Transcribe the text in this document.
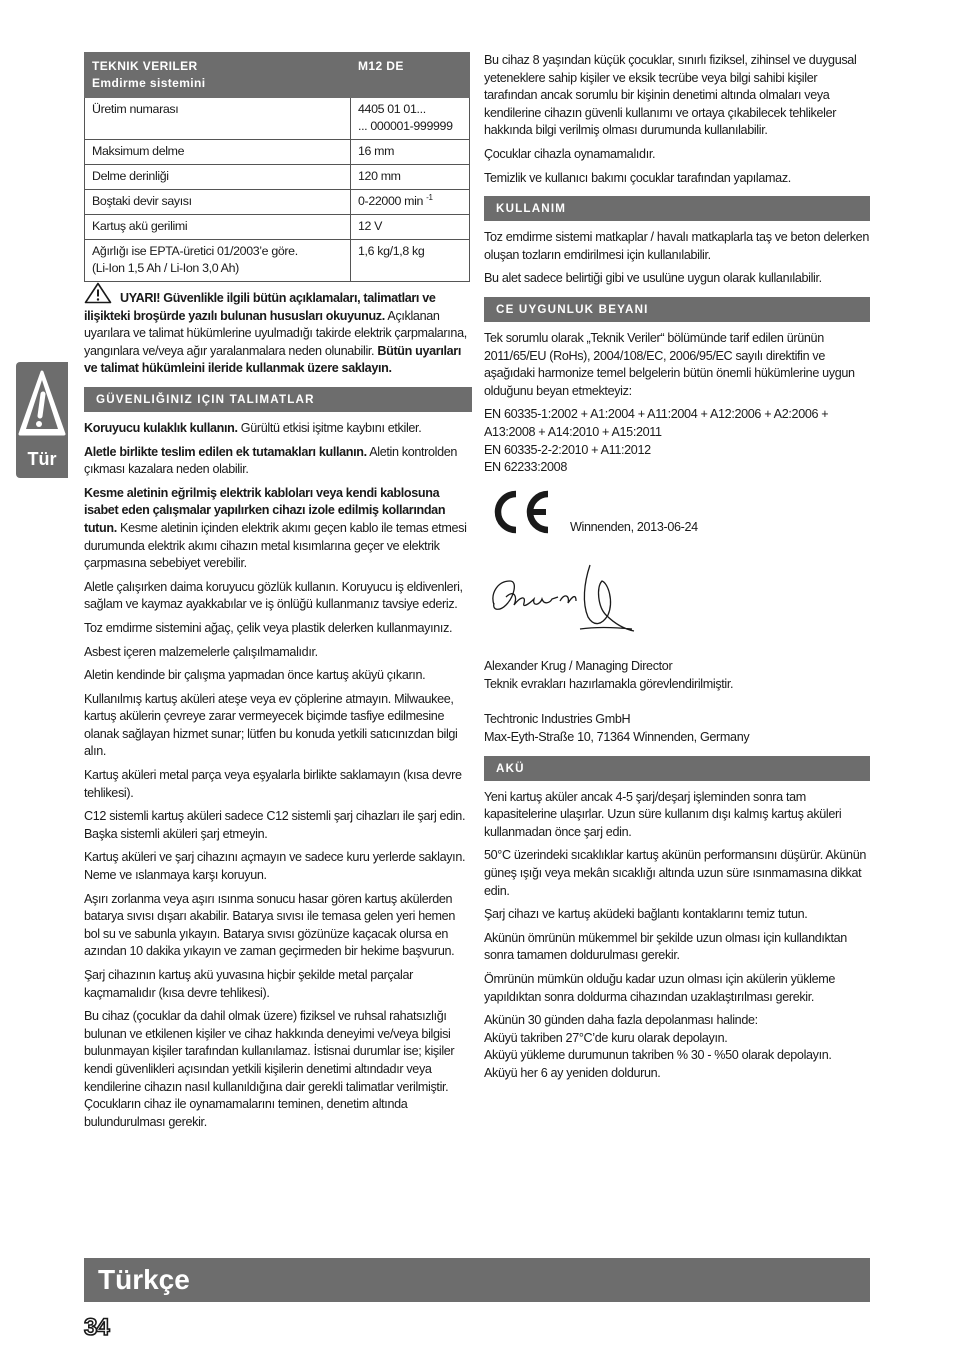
Tür
TEKNIK VERILER
Emdirme sistemini	M12 DE
Üretim numarası	4405 01 01...
... 000001-999999
Maksimum delme	16 mm
Delme derinliği	120 mm
Boştaki devir sayısı	0-22000 min $^{-1}$
Kartuş akü gerilimi	12 V
Ağırlığı ise EPTA-üretici 01/2003’e göre.
(Li-Ion 1,5 Ah / Li-Ion 3,0 Ah)	1,6 kg/1,8 kg

UYARI! Güvenlikle ilgili bütün açıklamaları, talimatları ve ilişikteki broşürde yazılı bulunan hususları okuyunuz. Açıklanan uyarılara ve talimat hükümlerine uyulmadığı takirde elektrik çarpmalarına, yangınlara ve/veya ağır yaralanmalara neden olunabilir. Bütün uyarıları ve talimat hükümleini ileride kullanmak üzere saklayın.

GÜVENLIĞINIZ IÇIN TALIMATLAR

Koruyucu kulaklık kullanın. Gürültü etkisi işitme kaybını etkiler.

Aletle birlikte teslim edilen ek tutamakları kullanın. Aletin kontrolden çıkması kazalara neden olabilir.

Kesme aletinin eğrilmiş elektrik kabloları veya kendi kablosuna isabet eden çalışmalar yapılırken cihazı izole edilmiş kollarından tutun. Kesme aletinin içinden elektrik akımı geçen kablo ile temas etmesi durumunda elektrik akımı cihazın metal kısımlarına geçer ve elektrik çarpmasına sebebiyet verebilir.

Aletle çalışırken daima koruyucu gözlük kullanın. Koruyucu iş eldivenleri, sağlam ve kaymaz ayakkabılar ve iş önlüğü kullanmanız tavsiye ederiz.

Toz emdirme sistemini ağaç, çelik veya plastik delerken kullanmayınız.

Asbest içeren malzemelerle çalışılmamalıdır.

Aletin kendinde bir çalışma yapmadan önce kartuş aküyü çıkarın.

Kullanılmış kartuş aküleri ateşe veya ev çöplerine atmayın. Milwaukee, kartuş akülerin çevreye zarar vermeyecek biçimde tasfiye edilmesine olanak sağlayan hizmet sunar; lütfen bu konuda yetkili satıcınızdan bilgi alın.

Kartuş aküleri metal parça veya eşyalarla birlikte saklamayın (kısa devre tehlikesi).

C12 sistemli kartuş aküleri sadece C12 sistemli şarj cihazları ile şarj edin. Başka sistemli aküleri şarj etmeyin.

Kartuş aküleri ve şarj cihazını açmayın ve sadece kuru yerlerde saklayın. Neme ve ıslanmaya karşı koruyun.

Aşırı zorlanma veya aşırı ısınma sonucu hasar gören kartuş akülerden batarya sıvısı dışarı akabilir. Batarya sıvısı ile temasa gelen yeri hemen bol su ve sabunla yıkayın. Batarya sıvısı gözünüze kaçacak olursa en azından 10 dakika yıkayın ve zaman geçirmeden bir hekime başvurun.

Şarj cihazının kartuş akü yuvasına hiçbir şekilde metal parçalar kaçmamalıdır (kısa devre tehlikesi).

Bu cihaz (çocuklar da dahil olmak üzere) fiziksel ve ruhsal rahatsızlığı bulunan ve etkilenen kişiler ve cihaz hakkında deneyimi ve/veya bilgisi bulunmayan kişiler tarafından kullanılamaz. İstisnai durumlar ise; kişiler kendi güvenlikleri açısından yetkili kişilerin denetimi altındadır veya kendilerine cihazın nasıl kullanıldığına dair gerekli talimatlar verilmiştir. Çocukların cihaz ile oynamamalarını teminen, denetim altında bulundurulması gerekir.

Bu cihaz 8 yaşından küçük çocuklar, sınırlı fiziksel, zihinsel ve duygusal yeteneklere sahip kişiler ve eksik tecrübe veya bilgi sahibi kişiler tarafından ancak sorumlu bir kişinin denetimi altında olmaları veya kendilerine cihazın güvenli kullanımı ve ortaya çıkabilecek tehlikeler hakkında bilgi verilmiş olması durumunda kullanılabilir.

Çocuklar cihazla oynamamalıdır.

Temizlik ve kullanıcı bakımı çocuklar tarafından yapılamaz.

KULLANIM

Toz emdirme sistemi matkaplar / havalı matkaplarla taş ve beton delerken oluşan tozların emdirilmesi için kullanılabilir.

Bu alet sadece belirtiği gibi ve usulüne uygun olarak kullanılabilir.

CE UYGUNLUK BEYANI

Tek sorumlu olarak „Teknik Veriler“ bölümünde tarif edilen ürünün 2011/65/EU (RoHs), 2004/108/EC, 2006/95/EC sayılı direktifin ve aşağıdaki harmonize temel belgelerin bütün önemli hükümlerine uygun olduğunu beyan etmekteyiz:

EN 60335-1:2002 + A1:2004 + A11:2004 + A12:2006 + A2:2006 + A13:2008 + A14:2010 + A15:2011
EN 60335-2-2:2010 + A11:2012
EN 62233:2008

Winnenden, 2013-06-24

Alexander Krug / Managing Director
Teknik evrakları hazırlamakla görevlendirilmiştir.

Techtronic Industries GmbH
Max-Eyth-Straße 10, 71364 Winnenden, Germany

AKÜ

Yeni kartuş aküler ancak 4-5 şarj/deşarj işleminden sonra tam kapasitelerine ulaşırlar. Uzun süre kullanım dışı kalmış kartuş aküleri kullanmadan önce şarj edin.

50°C üzerindeki sıcaklıklar kartuş akünün performansını düşürür. Akünün güneş ışığı veya mekân sıcaklığı altında uzun süre ısınmamasına dikkat edin.

Şarj cihazı ve kartuş aküdeki bağlantı kontaklarını temiz tutun.

Akünün ömrünün mükemmel bir şekilde uzun olması için kullandıktan sonra tamamen doldurulması gerekir.

Ömrünün mümkün olduğu kadar uzun olması için akülerin yükleme yapıldıktan sonra doldurma cihazından uzaklaştırılması gerekir.

Akünün 30 günden daha fazla depolanması halinde:
Aküyü takriben 27°C’de kuru olarak depolayın.
Aküyü yükleme durumunun takriben % 30 - %50 olarak depolayın.
Aküyü her 6 ay yeniden doldurun.

Türkçe
34
